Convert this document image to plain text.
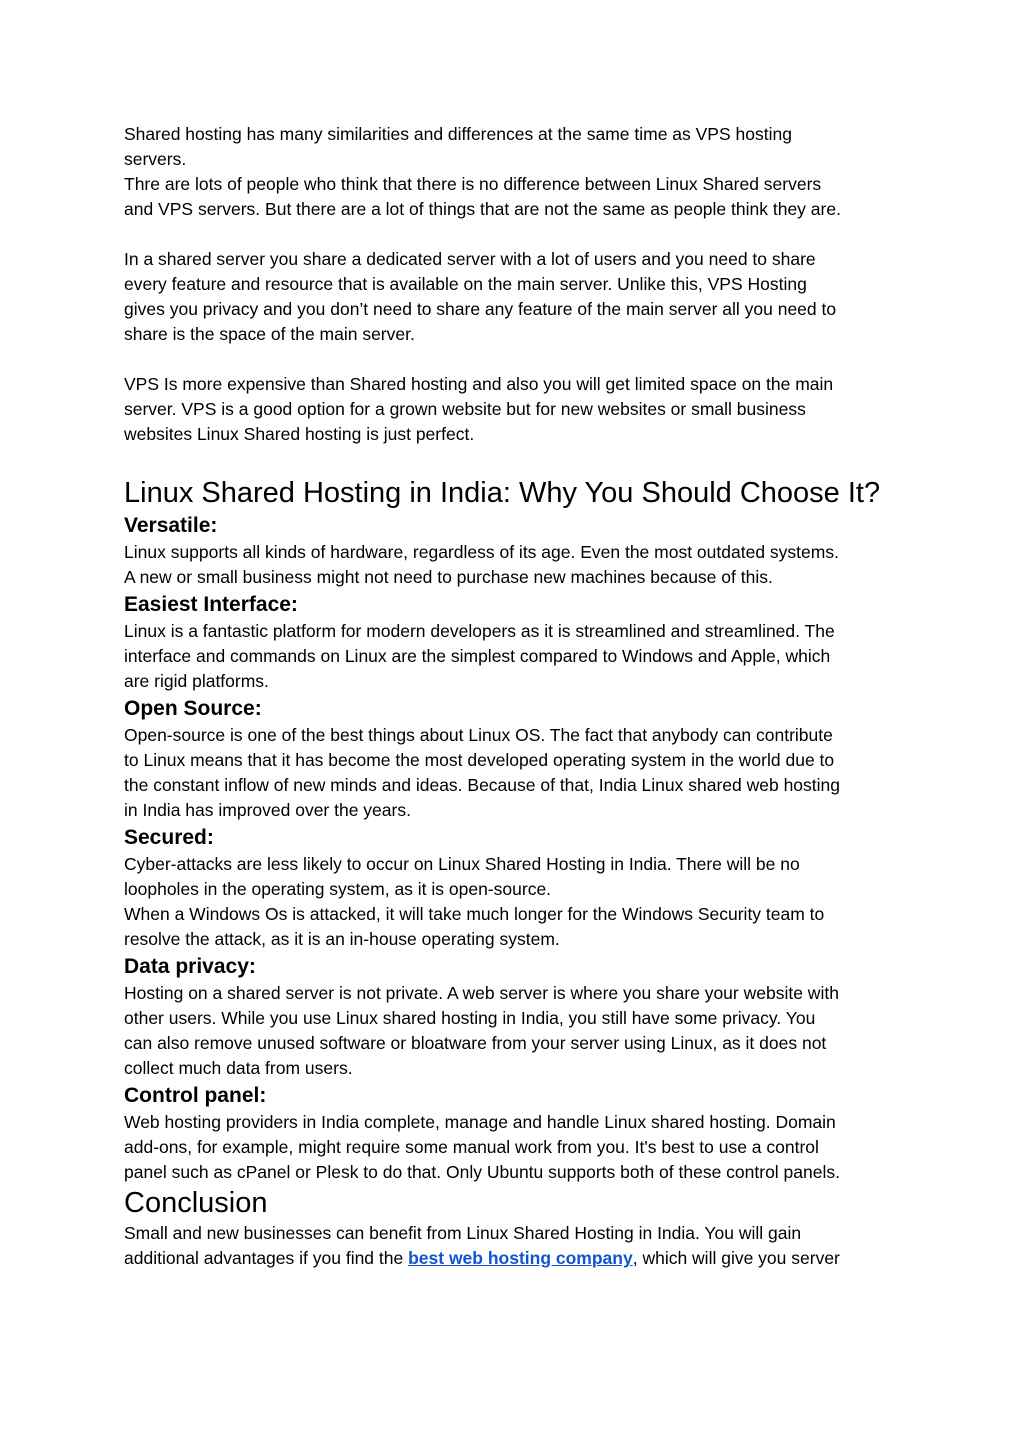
Shared hosting has many similarities and differences at the same time as VPS hosting
servers.
Thre are lots of people who think that there is no difference between Linux Shared servers
and VPS servers. But there are a lot of things that are not the same as people think they are.

In a shared server you share a dedicated server with a lot of users and you need to share
every feature and resource that is available on the main server. Unlike this, VPS Hosting
gives you privacy and you don’t need to share any feature of the main server all you need to
share is the space of the main server.

VPS Is more expensive than Shared hosting and also you will get limited space on the main
server. VPS is a good option for a grown website but for new websites or small business
websites Linux Shared hosting is just perfect.

Linux Shared Hosting in India: Why You Should Choose It?
Versatile:

Linux supports all kinds of hardware, regardless of its age. Even the most outdated systems.
A new or small business might not need to purchase new machines because of this.

Easiest Interface:

Linux is a fantastic platform for modern developers as it is streamlined and streamlined. The
interface and commands on Linux are the simplest compared to Windows and Apple, which
are rigid platforms.

Open Source:

Open-source is one of the best things about Linux OS. The fact that anybody can contribute
to Linux means that it has become the most developed operating system in the world due to
the constant inflow of new minds and ideas. Because of that, India Linux shared web hosting
in India has improved over the years.

Secured:

Cyber-attacks are less likely to occur on Linux Shared Hosting in India. There will be no
loopholes in the operating system, as it is open-source.
When a Windows Os is attacked, it will take much longer for the Windows Security team to
resolve the attack, as it is an in-house operating system.

Data privacy:

Hosting on a shared server is not private. A web server is where you share your website with
other users. While you use Linux shared hosting in India, you still have some privacy. You
can also remove unused software or bloatware from your server using Linux, as it does not
collect much data from users.

Control panel:

Web hosting providers in India complete, manage and handle Linux shared hosting. Domain
add-ons, for example, might require some manual work from you. It's best to use a control
panel such as cPanel or Plesk to do that. Only Ubuntu supports both of these control panels.

Conclusion

Small and new businesses can benefit from Linux Shared Hosting in India. You will gain
additional advantages if you find the best web hosting company, which will give you server
